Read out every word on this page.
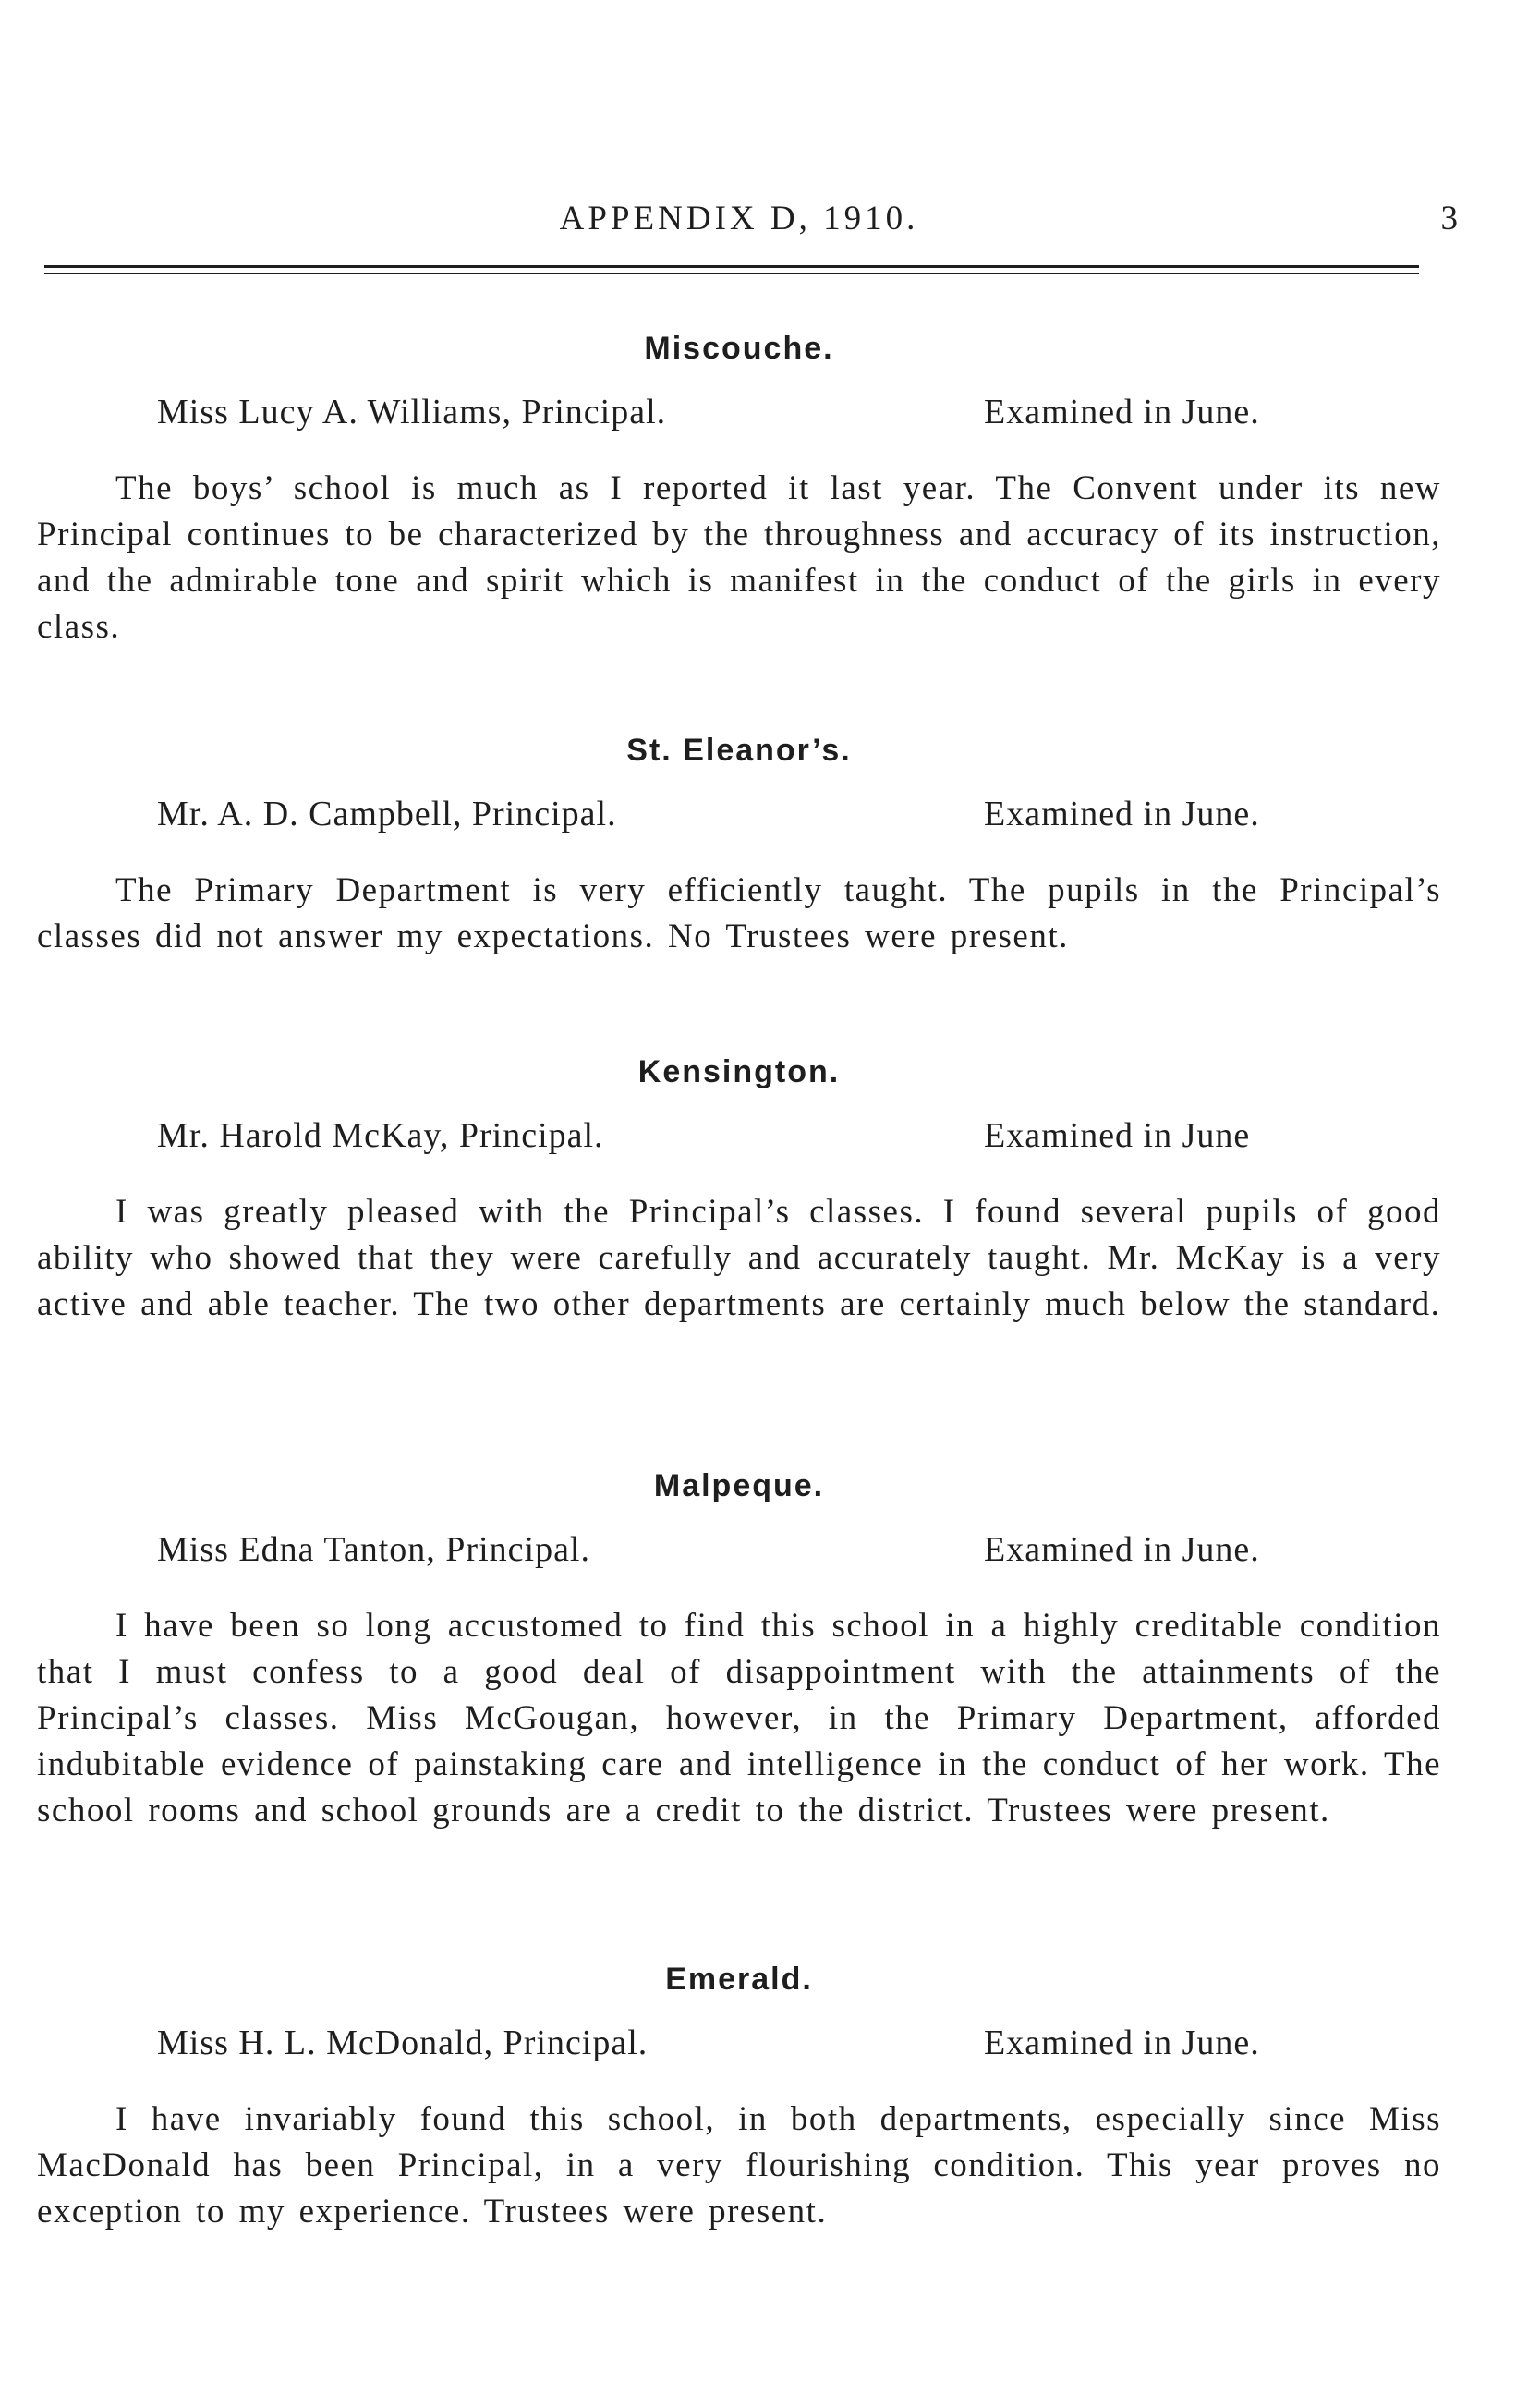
APPENDIX D, 1910.	3
Miscouche.
Miss Lucy A. Williams, Principal.	Examined in June.

The boys’ school is much as I reported it last year. The Convent under its new Principal continues to be characterized by the throughness and accuracy of its instruction, and the admirable tone and spirit which is manifest in the conduct of the girls in every class.

St. Eleanor’s.
Mr. A. D. Campbell, Principal.	Examined in June.

The Primary Department is very efficiently taught. The pupils in the Principal’s classes did not answer my expectations. No Trustees were present.

Kensington.
Mr. Harold McKay, Principal.	Examined in June

I was greatly pleased with the Principal’s classes. I found several pupils of good ability who showed that they were carefully and accurately taught. Mr. McKay is a very active and able teacher. The two other departments are certainly much below the standard.

Malpeque.
Miss Edna Tanton, Principal.	Examined in June.

I have been so long accustomed to find this school in a highly creditable condition that I must confess to a good deal of disappointment with the attainments of the Principal’s classes. Miss McGougan, however, in the Primary Department, afforded indubitable evidence of painstaking care and intelligence in the conduct of her work. The school rooms and school grounds are a credit to the district. Trustees were present.

Emerald.
Miss H. L. McDonald, Principal.	Examined in June.

I have invariably found this school, in both departments, especially since Miss MacDonald has been Principal, in a very flourishing condition. This year proves no exception to my experience. Trustees were present.
